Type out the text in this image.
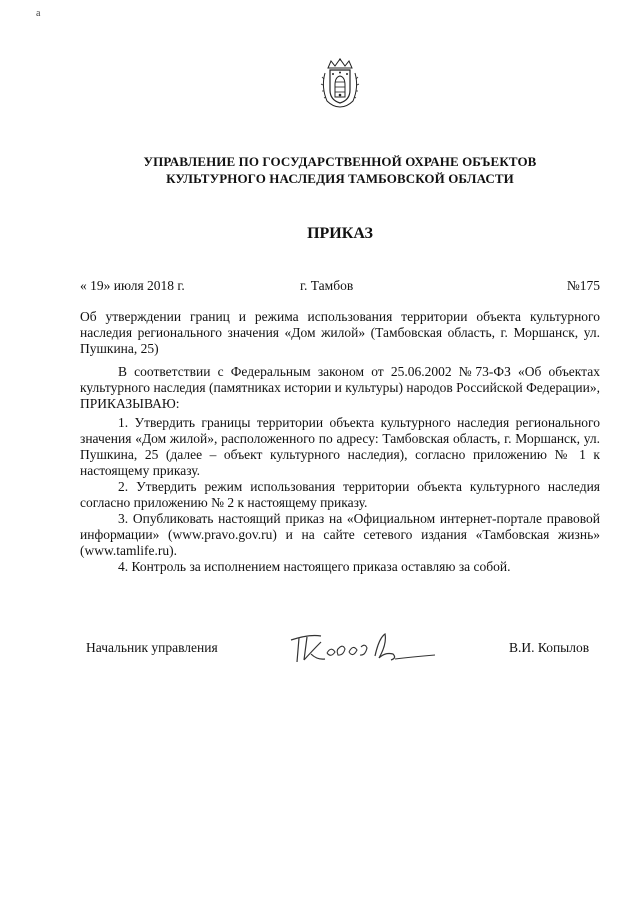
a
УПРАВЛЕНИЕ ПО ГОСУДАРСТВЕННОЙ ОХРАНЕ ОБЪЕКТОВ
КУЛЬТУРНОГО НАСЛЕДИЯ ТАМБОВСКОЙ ОБЛАСТИ
ПРИКАЗ
« 19» июля 2018 г.	г. Тамбов	№175
Об утверждении границ и режима использования территории объекта культурного наследия регионального значения «Дом жилой» (Тамбовская область, г. Моршанск, ул. Пушкина, 25)

В соответствии с Федеральным законом от 25.06.2002 №73-ФЗ «Об объектах культурного наследия (памятниках истории и культуры) народов Российской Федерации», ПРИКАЗЫВАЮ:

1. Утвердить границы территории объекта культурного наследия регионального значения «Дом жилой», расположенного по адресу: Тамбовская область, г. Моршанск, ул. Пушкина, 25 (далее – объект культурного наследия), согласно приложению № 1 к настоящему приказу.

2. Утвердить режим использования территории объекта культурного наследия согласно приложению № 2 к настоящему приказу.

3. Опубликовать настоящий приказ на «Официальном интернет-портале правовой информации» (www.pravo.gov.ru) и на сайте сетевого издания «Тамбовская жизнь» (www.tamlife.ru).

4. Контроль за исполнением настоящего приказа оставляю за собой.

Начальник управления	В.И. Копылов
